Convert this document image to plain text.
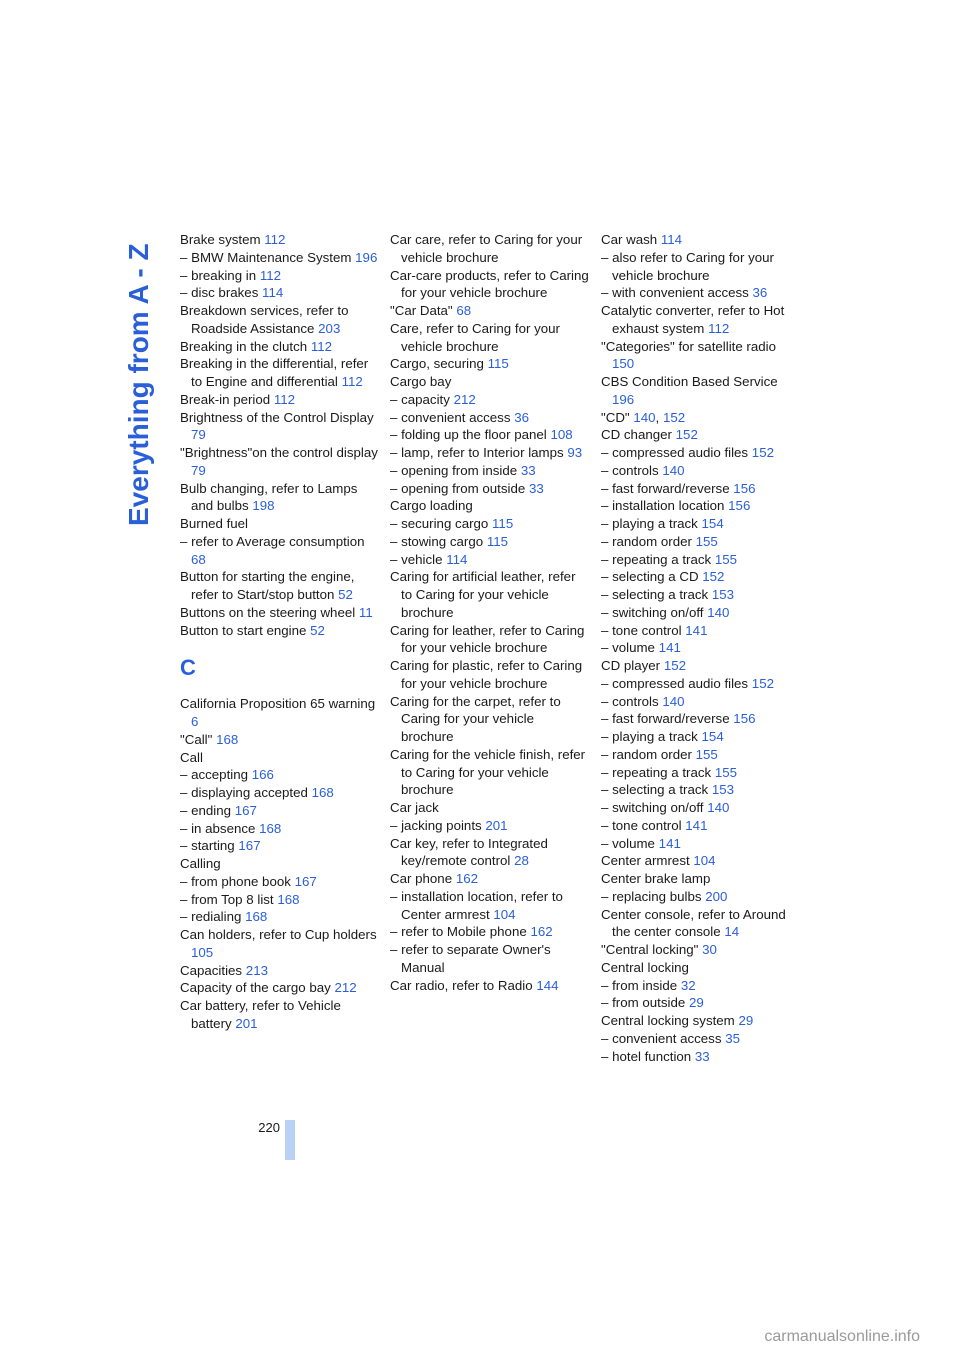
Everything from A - Z
Brake system 112
– BMW Maintenance System 196
– breaking in 112
– disc brakes 114
Breakdown services, refer to Roadside Assistance 203
Breaking in the clutch 112
Breaking in the differential, refer to Engine and differential 112
Break-in period 112
Brightness of the Control Display 79
"Brightness"on the control display 79
Bulb changing, refer to Lamps and bulbs 198
Burned fuel
– refer to Average consumption 68
Button for starting the engine, refer to Start/stop button 52
Buttons on the steering wheel 11
Button to start engine 52
C
California Proposition 65 warning 6
"Call" 168
Call
– accepting 166
– displaying accepted 168
– ending 167
– in absence 168
– starting 167
Calling
– from phone book 167
– from Top 8 list 168
– redialing 168
Can holders, refer to Cup holders 105
Capacities 213
Capacity of the cargo bay 212
Car battery, refer to Vehicle battery 201
Car care, refer to Caring for your vehicle brochure
Car-care products, refer to Caring for your vehicle brochure
"Car Data" 68
Care, refer to Caring for your vehicle brochure
Cargo, securing 115
Cargo bay
– capacity 212
– convenient access 36
– folding up the floor panel 108
– lamp, refer to Interior lamps 93
– opening from inside 33
– opening from outside 33
Cargo loading
– securing cargo 115
– stowing cargo 115
– vehicle 114
Caring for artificial leather, refer to Caring for your vehicle brochure
Caring for leather, refer to Caring for your vehicle brochure
Caring for plastic, refer to Caring for your vehicle brochure
Caring for the carpet, refer to Caring for your vehicle brochure
Caring for the vehicle finish, refer to Caring for your vehicle brochure
Car jack
– jacking points 201
Car key, refer to Integrated key/remote control 28
Car phone 162
– installation location, refer to Center armrest 104
– refer to Mobile phone 162
– refer to separate Owner's Manual
Car radio, refer to Radio 144
Car wash 114
– also refer to Caring for your vehicle brochure
– with convenient access 36
Catalytic converter, refer to Hot exhaust system 112
"Categories" for satellite radio 150
CBS Condition Based Service 196
"CD" 140, 152
CD changer 152
– compressed audio files 152
– controls 140
– fast forward/reverse 156
– installation location 156
– playing a track 154
– random order 155
– repeating a track 155
– selecting a CD 152
– selecting a track 153
– switching on/off 140
– tone control 141
– volume 141
CD player 152
– compressed audio files 152
– controls 140
– fast forward/reverse 156
– playing a track 154
– random order 155
– repeating a track 155
– selecting a track 153
– switching on/off 140
– tone control 141
– volume 141
Center armrest 104
Center brake lamp
– replacing bulbs 200
Center console, refer to Around the center console 14
"Central locking" 30
Central locking
– from inside 32
– from outside 29
Central locking system 29
– convenient access 35
– hotel function 33
220
carmanualsonline.info
